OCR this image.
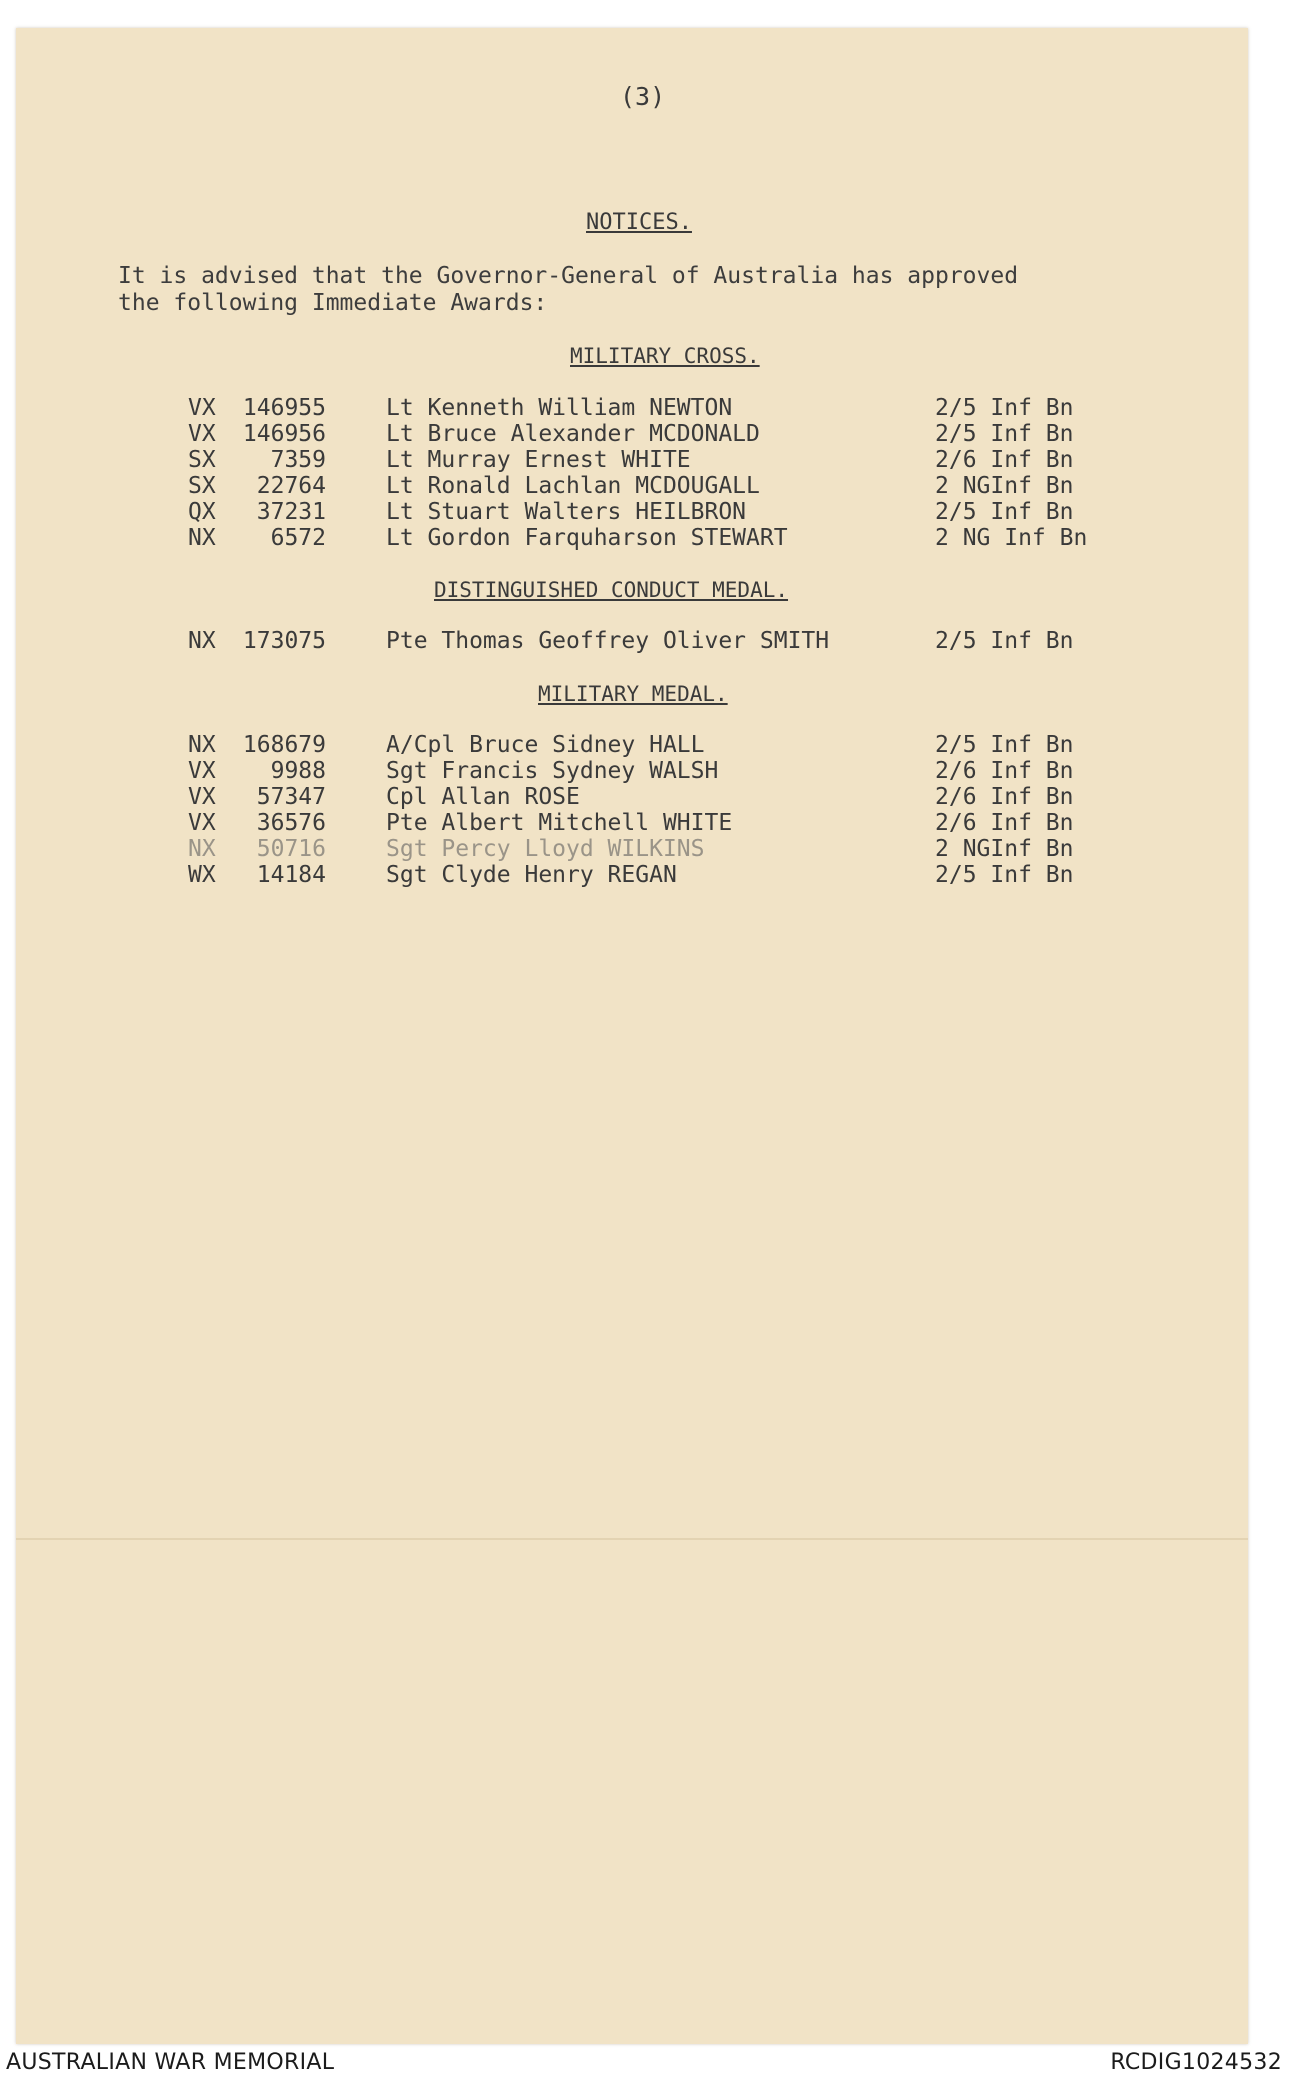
(3)
NOTICES.
It is advised that the Governor-General of Australia has approved
the following Immediate Awards:
MILITARY CROSS.
VX	146955	Lt Kenneth William NEWTON	2/5 Inf Bn
VX	146956	Lt Bruce Alexander MCDONALD	2/5 Inf Bn
SX	7359	Lt Murray Ernest WHITE	2/6 Inf Bn
SX	22764	Lt Ronald Lachlan MCDOUGALL	2 NGInf Bn
QX	37231	Lt Stuart Walters HEILBRON	2/5 Inf Bn
NX	6572	Lt Gordon Farquharson STEWART	2 NG Inf Bn
DISTINGUISHED CONDUCT MEDAL.
NX	173075	Pte Thomas Geoffrey Oliver SMITH	2/5 Inf Bn
MILITARY MEDAL.
NX	168679	A/Cpl Bruce Sidney HALL	2/5 Inf Bn
VX	9988	Sgt Francis Sydney WALSH	2/6 Inf Bn
VX	57347	Cpl Allan ROSE	2/6 Inf Bn
VX	36576	Pte Albert Mitchell WHITE	2/6 Inf Bn
NX	50716	Sgt Percy Lloyd WILKINS	2 NGInf Bn
WX	14184	Sgt Clyde Henry REGAN	2/5 Inf Bn
AUSTRALIAN WAR MEMORIAL	RCDIG1024532
